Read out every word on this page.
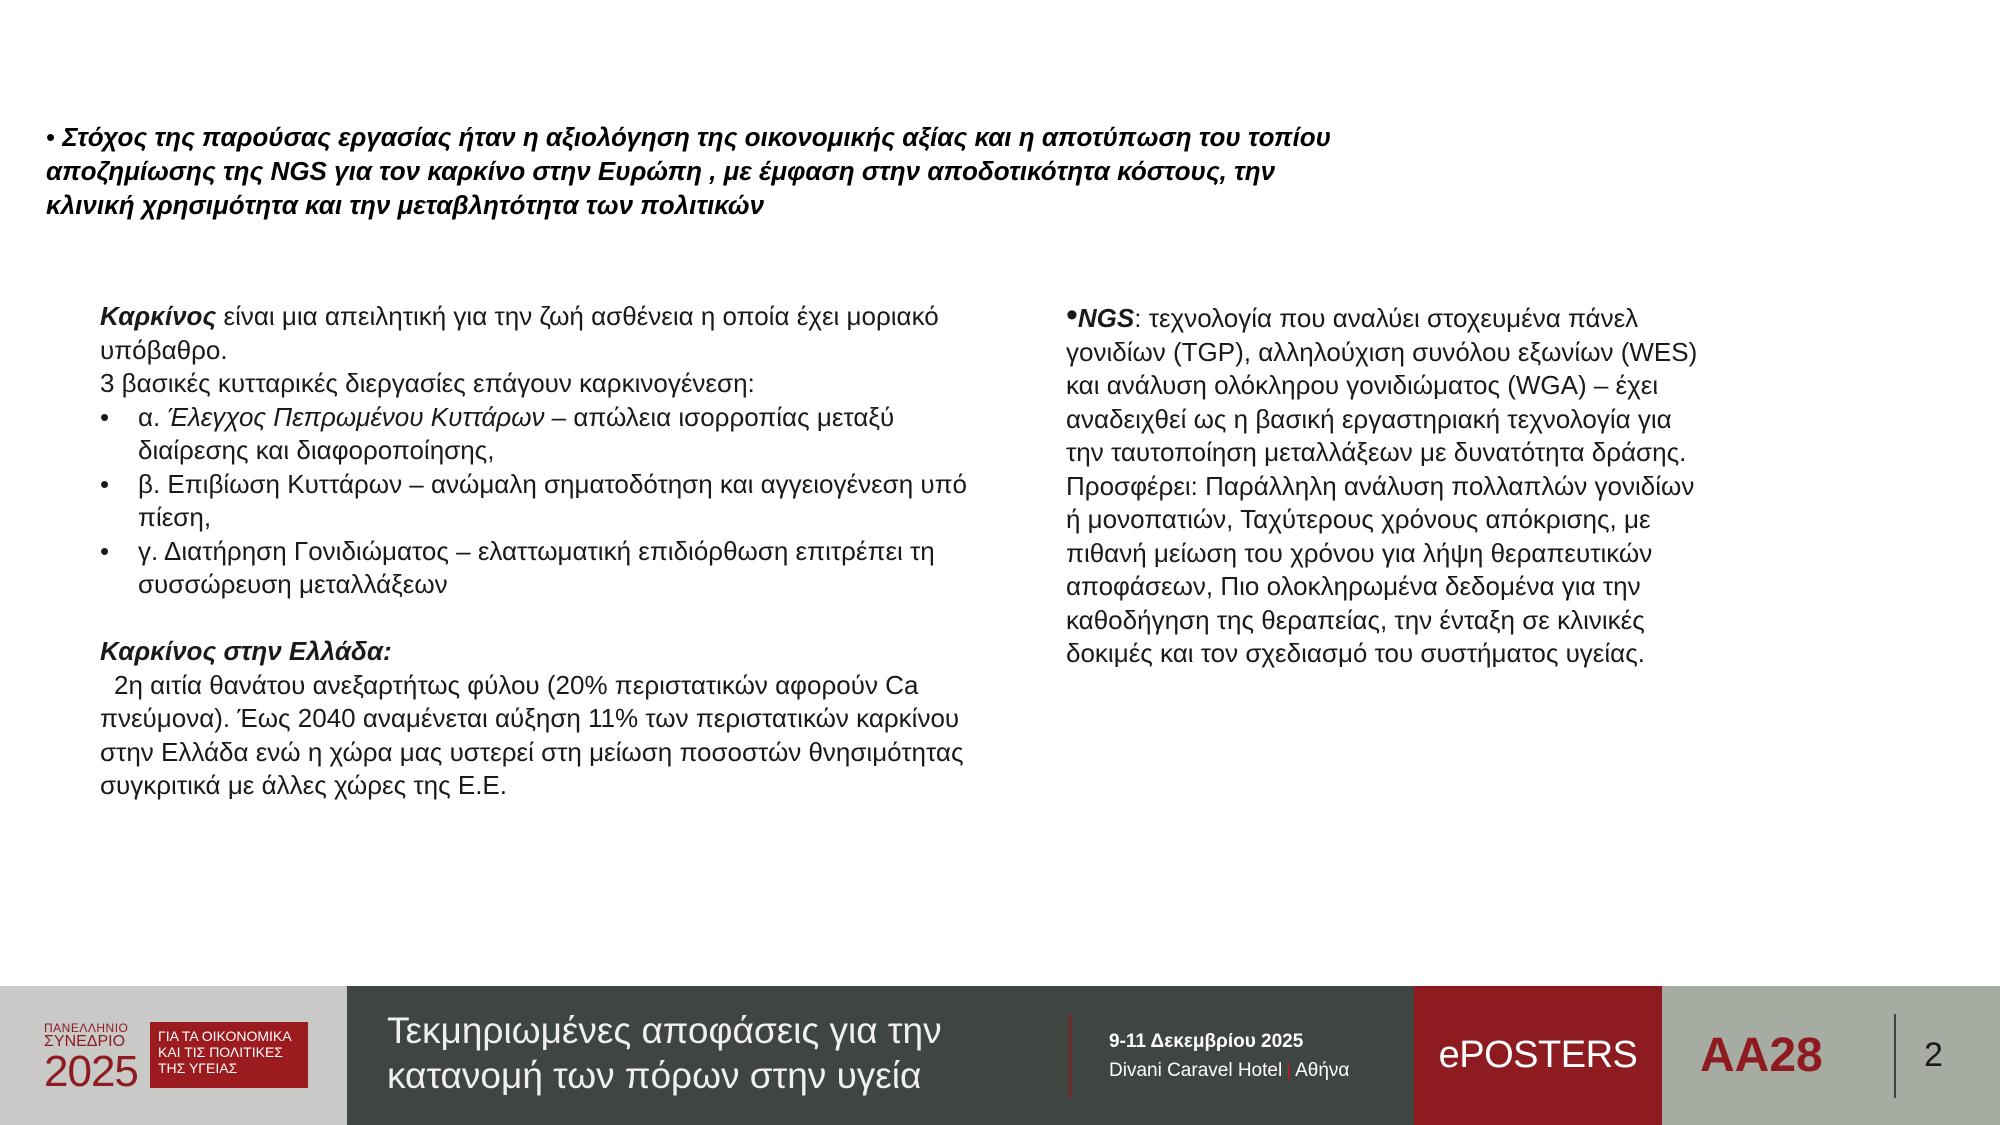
• Στόχος της παρούσας εργασίας ήταν η αξιολόγηση της οικονομικής αξίας και η αποτύπωση του τοπίου αποζημίωσης της NGS για τον καρκίνο στην Ευρώπη , με έμφαση στην αποδοτικότητα κόστους, την κλινική χρησιμότητα και την μεταβλητότητα των πολιτικών

Καρκίνος είναι μια απειλητική για την ζωή ασθένεια η οποία έχει μοριακό υπόβαθρο.

3 βασικές κυτταρικές διεργασίες επάγουν καρκινογένεση:

• α. Έλεγχος Πεπρωμένου Κυττάρων – απώλεια ισορροπίας μεταξύ διαίρεσης και διαφοροποίησης,
• β. Επιβίωση Κυττάρων – ανώμαλη σηματοδότηση και αγγειογένεση υπό πίεση,
• γ. Διατήρηση Γονιδιώματος – ελαττωματική επιδιόρθωση επιτρέπει τη συσσώρευση μεταλλάξεων

Καρκίνος στην Ελλάδα:

2η αιτία θανάτου ανεξαρτήτως φύλου (20% περιστατικών αφορούν Ca πνεύμονα). Έως 2040 αναμένεται αύξηση 11% των περιστατικών καρκίνου στην Ελλάδα ενώ η χώρα μας υστερεί στη μείωση ποσοστών θνησιμότητας συγκριτικά με άλλες χώρες της Ε.Ε.

•NGS: τεχνολογία που αναλύει στοχευμένα πάνελ γονιδίων (TGP), αλληλούχιση συνόλου εξωνίων (WES) και ανάλυση ολόκληρου γονιδιώματος (WGA) – έχει αναδειχθεί ως η βασική εργαστηριακή τεχνολογία για την ταυτοποίηση μεταλλάξεων με δυνατότητα δράσης. Προσφέρει: Παράλληλη ανάλυση πολλαπλών γονιδίων ή μονοπατιών, Ταχύτερους χρόνους απόκρισης, με πιθανή μείωση του χρόνου για λήψη θεραπευτικών αποφάσεων, Πιο ολοκληρωμένα δεδομένα για την καθοδήγηση της θεραπείας, την ένταξη σε κλινικές δοκιμές και τον σχεδιασμό του συστήματος υγείας.
ΠΑΝΕΛΛΗΝΙΟ
ΣΥΝΕΔΡΙΟ
2025
ΓΙΑ ΤΑ ΟΙΚΟΝΟΜΙΚΑ ΚΑΙ ΤΙΣ ΠΟΛΙΤΙΚΕΣ ΤΗΣ ΥΓΕΙΑΣ
Τεκμηριωμένες αποφάσεις για την κατανομή των πόρων στην υγεία
9-11 Δεκεμβρίου 2025
Divani Caravel Hotel | Αθήνα	ePOSTERS	AA28	2
